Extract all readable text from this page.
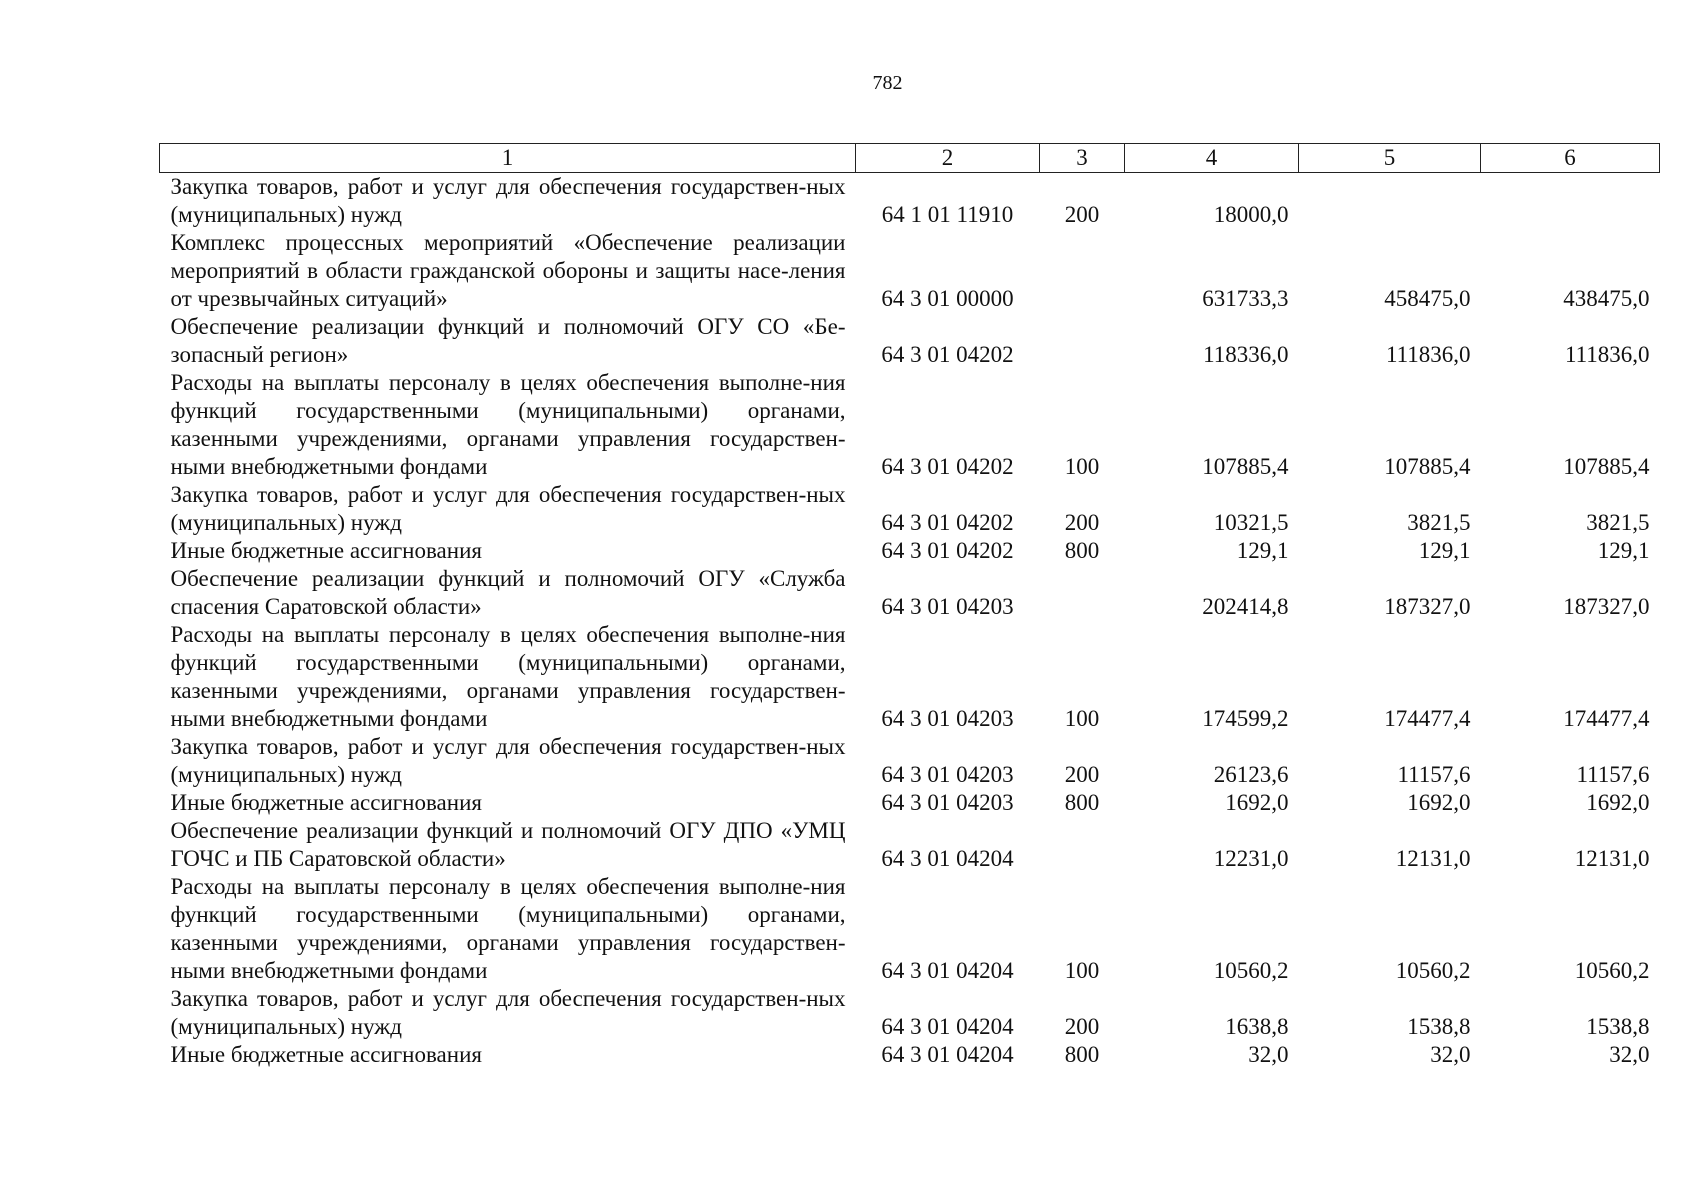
782
1	2	3	4	5	6
Закупка товаров, работ и услуг для обеспечения государствен-ных (муниципальных) нужд	64 1 01 11910	200	18000,0		
Комплекс процессных мероприятий «Обеспечение реализации мероприятий в области гражданской обороны и защиты насе-ления от чрезвычайных ситуаций»	64 3 01 00000		631733,3	458475,0	438475,0
Обеспечение реализации функций и полномочий ОГУ СО «Бе-зопасный регион»	64 3 01 04202		118336,0	111836,0	111836,0
Расходы на выплаты персоналу в целях обеспечения выполне-ния функций государственными (муниципальными) органами, казенными учреждениями, органами управления государствен-ными внебюджетными фондами	64 3 01 04202	100	107885,4	107885,4	107885,4
Закупка товаров, работ и услуг для обеспечения государствен-ных (муниципальных) нужд	64 3 01 04202	200	10321,5	3821,5	3821,5
Иные бюджетные ассигнования	64 3 01 04202	800	129,1	129,1	129,1
Обеспечение реализации функций и полномочий ОГУ «Служба спасения Саратовской области»	64 3 01 04203		202414,8	187327,0	187327,0
Расходы на выплаты персоналу в целях обеспечения выполне-ния функций государственными (муниципальными) органами, казенными учреждениями, органами управления государствен-ными внебюджетными фондами	64 3 01 04203	100	174599,2	174477,4	174477,4
Закупка товаров, работ и услуг для обеспечения государствен-ных (муниципальных) нужд	64 3 01 04203	200	26123,6	11157,6	11157,6
Иные бюджетные ассигнования	64 3 01 04203	800	1692,0	1692,0	1692,0
Обеспечение реализации функций и полномочий ОГУ ДПО «УМЦ ГОЧС и ПБ Саратовской области»	64 3 01 04204		12231,0	12131,0	12131,0
Расходы на выплаты персоналу в целях обеспечения выполне-ния функций государственными (муниципальными) органами, казенными учреждениями, органами управления государствен-ными внебюджетными фондами	64 3 01 04204	100	10560,2	10560,2	10560,2
Закупка товаров, работ и услуг для обеспечения государствен-ных (муниципальных) нужд	64 3 01 04204	200	1638,8	1538,8	1538,8
Иные бюджетные ассигнования	64 3 01 04204	800	32,0	32,0	32,0
